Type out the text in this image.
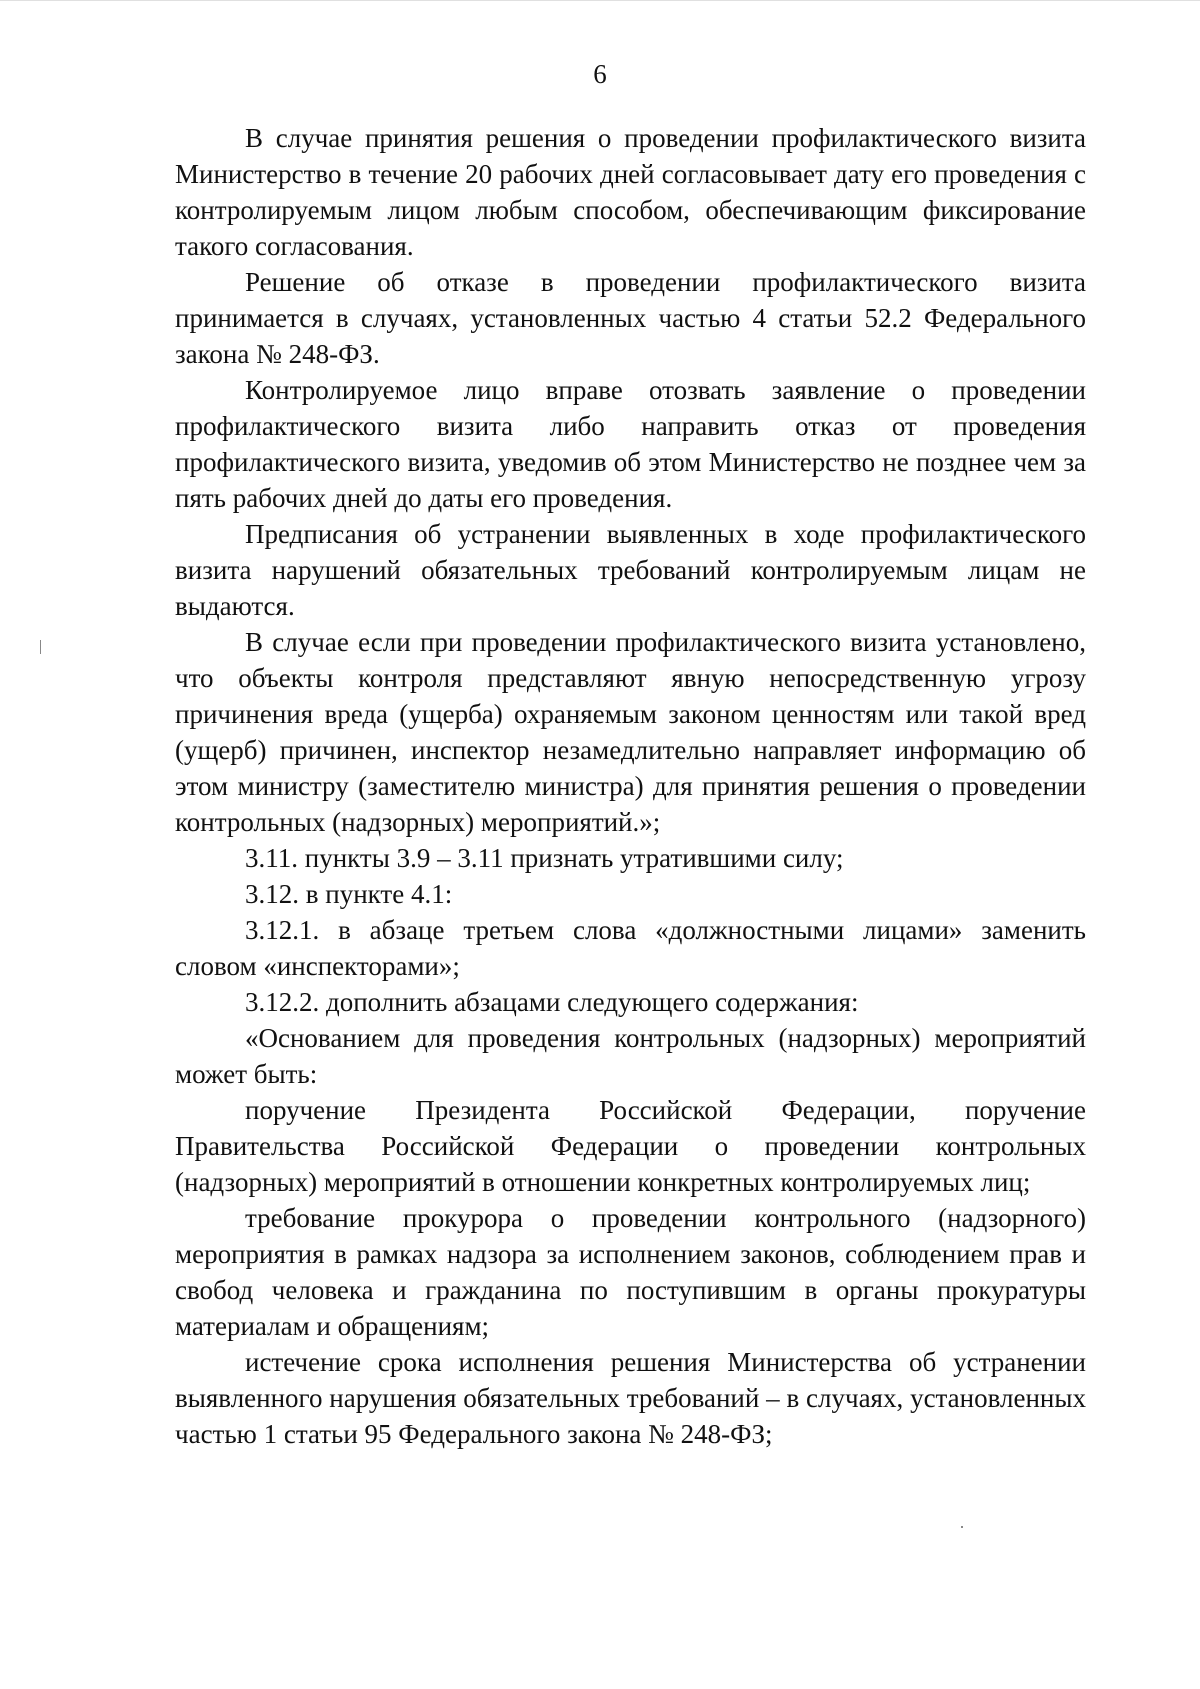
6

В случае принятия решения о проведении профилактического визита Министерство в течение 20 рабочих дней согласовывает дату его проведения с контролируемым лицом любым способом, обеспечивающим фиксирование такого согласования.

Решение об отказе в проведении профилактического визита принимается в случаях, установленных частью 4 статьи 52.2 Федерального закона № 248-ФЗ.

Контролируемое лицо вправе отозвать заявление о проведении профилактического визита либо направить отказ от проведения профилактического визита, уведомив об этом Министерство не позднее чем за пять рабочих дней до даты его проведения.

Предписания об устранении выявленных в ходе профилактического визита нарушений обязательных требований контролируемым лицам не выдаются.

В случае если при проведении профилактического визита установлено, что объекты контроля представляют явную непосредственную угрозу причинения вреда (ущерба) охраняемым законом ценностям или такой вред (ущерб) причинен, инспектор незамедлительно направляет информацию об этом министру (заместителю министра) для принятия решения о проведении контрольных (надзорных) мероприятий.»;

3.11. пункты 3.9 – 3.11 признать утратившими силу;

3.12. в пункте 4.1:

3.12.1. в абзаце третьем слова «должностными лицами» заменить словом «инспекторами»;

3.12.2. дополнить абзацами следующего содержания:

«Основанием для проведения контрольных (надзорных) мероприятий может быть:

поручение Президента Российской Федерации, поручение Правительства Российской Федерации о проведении контрольных (надзорных) мероприятий в отношении конкретных контролируемых лиц;

требование прокурора о проведении контрольного (надзорного) мероприятия в рамках надзора за исполнением законов, соблюдением прав и свобод человека и гражданина по поступившим в органы прокуратуры материалам и обращениям;

истечение срока исполнения решения Министерства об устранении выявленного нарушения обязательных требований – в случаях, установленных частью 1 статьи 95 Федерального закона № 248-ФЗ;
